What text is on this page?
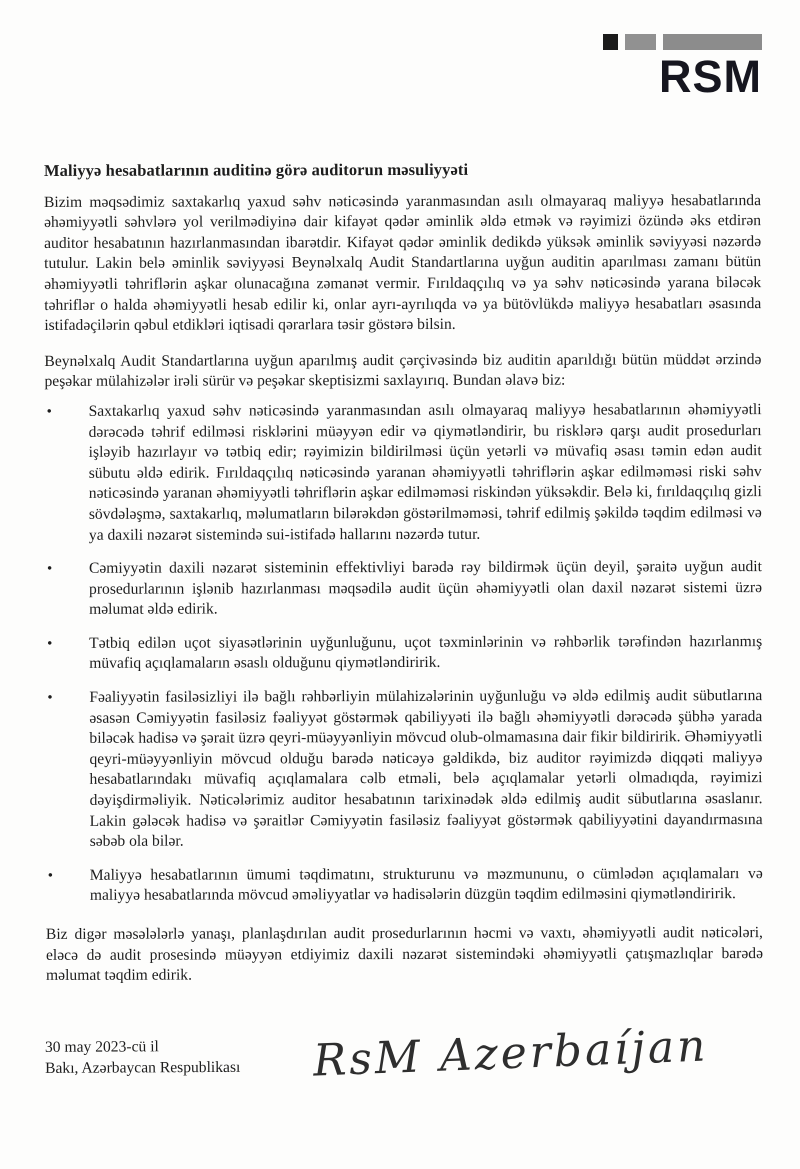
RSM
Maliyyə hesabatlarının auditinə görə auditorun məsuliyyəti

Bizim məqsədimiz saxtakarlıq yaxud səhv nəticəsində yaranmasından asılı olmayaraq maliyyə hesabatlarında əhəmiyyətli səhvlərə yol verilmədiyinə dair kifayət qədər əminlik əldə etmək və rəyimizi özündə əks etdirən auditor hesabatının hazırlanmasından ibarətdir. Kifayət qədər əminlik dedikdə yüksək əminlik səviyyəsi nəzərdə tutulur. Lakin belə əminlik səviyyəsi Beynəlxalq Audit Standartlarına uyğun auditin aparılması zamanı bütün əhəmiyyətli təhriflərin aşkar olunacağına zəmanət vermir. Fırıldaqçılıq və ya səhv nəticəsində yarana biləcək təhriflər o halda əhəmiyyətli hesab edilir ki, onlar ayrı-ayrılıqda və ya bütövlükdə maliyyə hesabatları əsasında istifadəçilərin qəbul etdikləri iqtisadi qərarlara təsir göstərə bilsin.

Beynəlxalq Audit Standartlarına uyğun aparılmış audit çərçivəsində biz auditin aparıldığı bütün müddət ərzində peşəkar mülahizələr irəli sürür və peşəkar skeptisizmi saxlayırıq. Bundan əlavə biz:

• Saxtakarlıq yaxud səhv nəticəsində yaranmasından asılı olmayaraq maliyyə hesabatlarının əhəmiyyətli dərəcədə təhrif edilməsi risklərini müəyyən edir və qiymətləndirir, bu risklərə qarşı audit prosedurları işləyib hazırlayır və tətbiq edir; rəyimizin bildirilməsi üçün yetərli və müvafiq əsası təmin edən audit sübutu əldə edirik. Fırıldaqçılıq nəticəsində yaranan əhəmiyyətli təhriflərin aşkar edilməməsi riski səhv nəticəsində yaranan əhəmiyyətli təhriflərin aşkar edilməməsi riskindən yüksəkdir. Belə ki, fırıldaqçılıq gizli sövdələşmə, saxtakarlıq, məlumatların bilərəkdən göstərilməməsi, təhrif edilmiş şəkildə təqdim edilməsi və ya daxili nəzarət sistemində sui-istifadə hallarını nəzərdə tutur.
• Cəmiyyətin daxili nəzarət sisteminin effektivliyi barədə rəy bildirmək üçün deyil, şəraitə uyğun audit prosedurlarının işlənib hazırlanması məqsədilə audit üçün əhəmiyyətli olan daxil nəzarət sistemi üzrə məlumat əldə edirik.
• Tətbiq edilən uçot siyasətlərinin uyğunluğunu, uçot təxminlərinin və rəhbərlik tərəfindən hazırlanmış müvafiq açıqlamaların əsaslı olduğunu qiymətləndiririk.
• Fəaliyyətin fasiləsizliyi ilə bağlı rəhbərliyin mülahizələrinin uyğunluğu və əldə edilmiş audit sübutlarına əsasən Cəmiyyətin fasiləsiz fəaliyyət göstərmək qabiliyyəti ilə bağlı əhəmiyyətli dərəcədə şübhə yarada biləcək hadisə və şərait üzrə qeyri-müəyyənliyin mövcud olub-olmamasına dair fikir bildiririk. Əhəmiyyətli qeyri-müəyyənliyin mövcud olduğu barədə nəticəyə gəldikdə, biz auditor rəyimizdə diqqəti maliyyə hesabatlarındakı müvafiq açıqlamalara cəlb etməli, belə açıqlamalar yetərli olmadıqda, rəyimizi dəyişdirməliyik. Nəticələrimiz auditor hesabatının tarixinədək əldə edilmiş audit sübutlarına əsaslanır. Lakin gələcək hadisə və şəraitlər Cəmiyyətin fasiləsiz fəaliyyət göstərmək qabiliyyətini dayandırmasına səbəb ola bilər.
• Maliyyə hesabatlarının ümumi təqdimatını, strukturunu və məzmununu, o cümlədən açıqlamaları və maliyyə hesabatlarında mövcud əməliyyatlar və hadisələrin düzgün təqdim edilməsini qiymətləndiririk.

Biz digər məsələlərlə yanaşı, planlaşdırılan audit prosedurlarının həcmi və vaxtı, əhəmiyyətli audit nəticələri, eləcə də audit prosesində müəyyən etdiyimiz daxili nəzarət sistemindəki əhəmiyyətli çatışmazlıqlar barədə məlumat təqdim edirik.

30 may 2023-cü il
Bakı, Azərbaycan Respublikası	RsM Azerbaíjan
